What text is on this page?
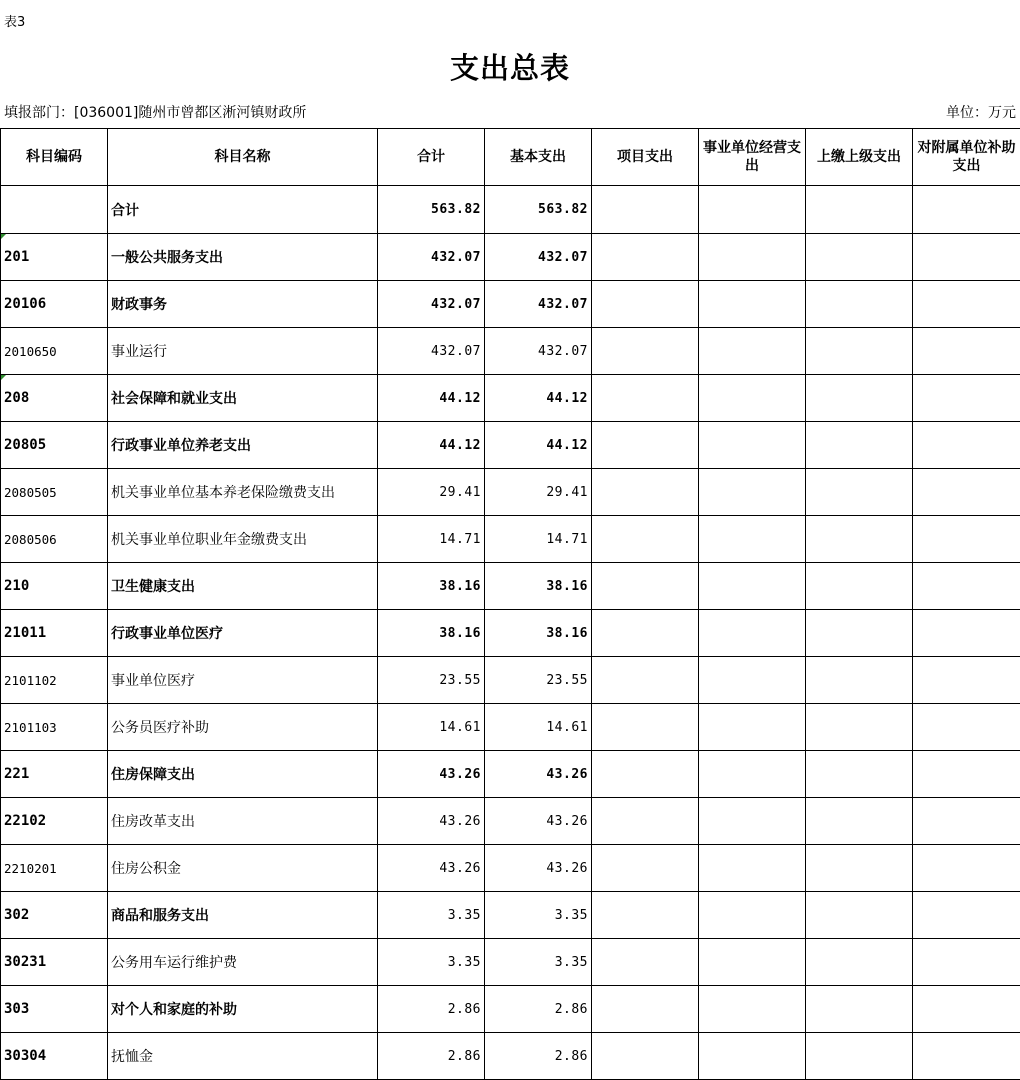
表3
支出总表
填报部门：[036001]随州市曾都区淅河镇财政所	单位：万元
科目编码	科目名称	合计	基本支出	项目支出	事业单位经营支出	上缴上级支出	对附属单位补助支出
	合计	563.82	563.82				
201	一般公共服务支出	432.07	432.07				
20106	财政事务	432.07	432.07				
2010650	事业运行	432.07	432.07				
208	社会保障和就业支出	44.12	44.12				
20805	行政事业单位养老支出	44.12	44.12				
2080505	机关事业单位基本养老保险缴费支出	29.41	29.41				
2080506	机关事业单位职业年金缴费支出	14.71	14.71				
210	卫生健康支出	38.16	38.16				
21011	行政事业单位医疗	38.16	38.16				
2101102	事业单位医疗	23.55	23.55				
2101103	公务员医疗补助	14.61	14.61				
221	住房保障支出	43.26	43.26				
22102	住房改革支出	43.26	43.26				
2210201	住房公积金	43.26	43.26				
302	商品和服务支出	3.35	3.35				
30231	公务用车运行维护费	3.35	3.35				
303	对个人和家庭的补助	2.86	2.86				
30304	抚恤金	2.86	2.86				
